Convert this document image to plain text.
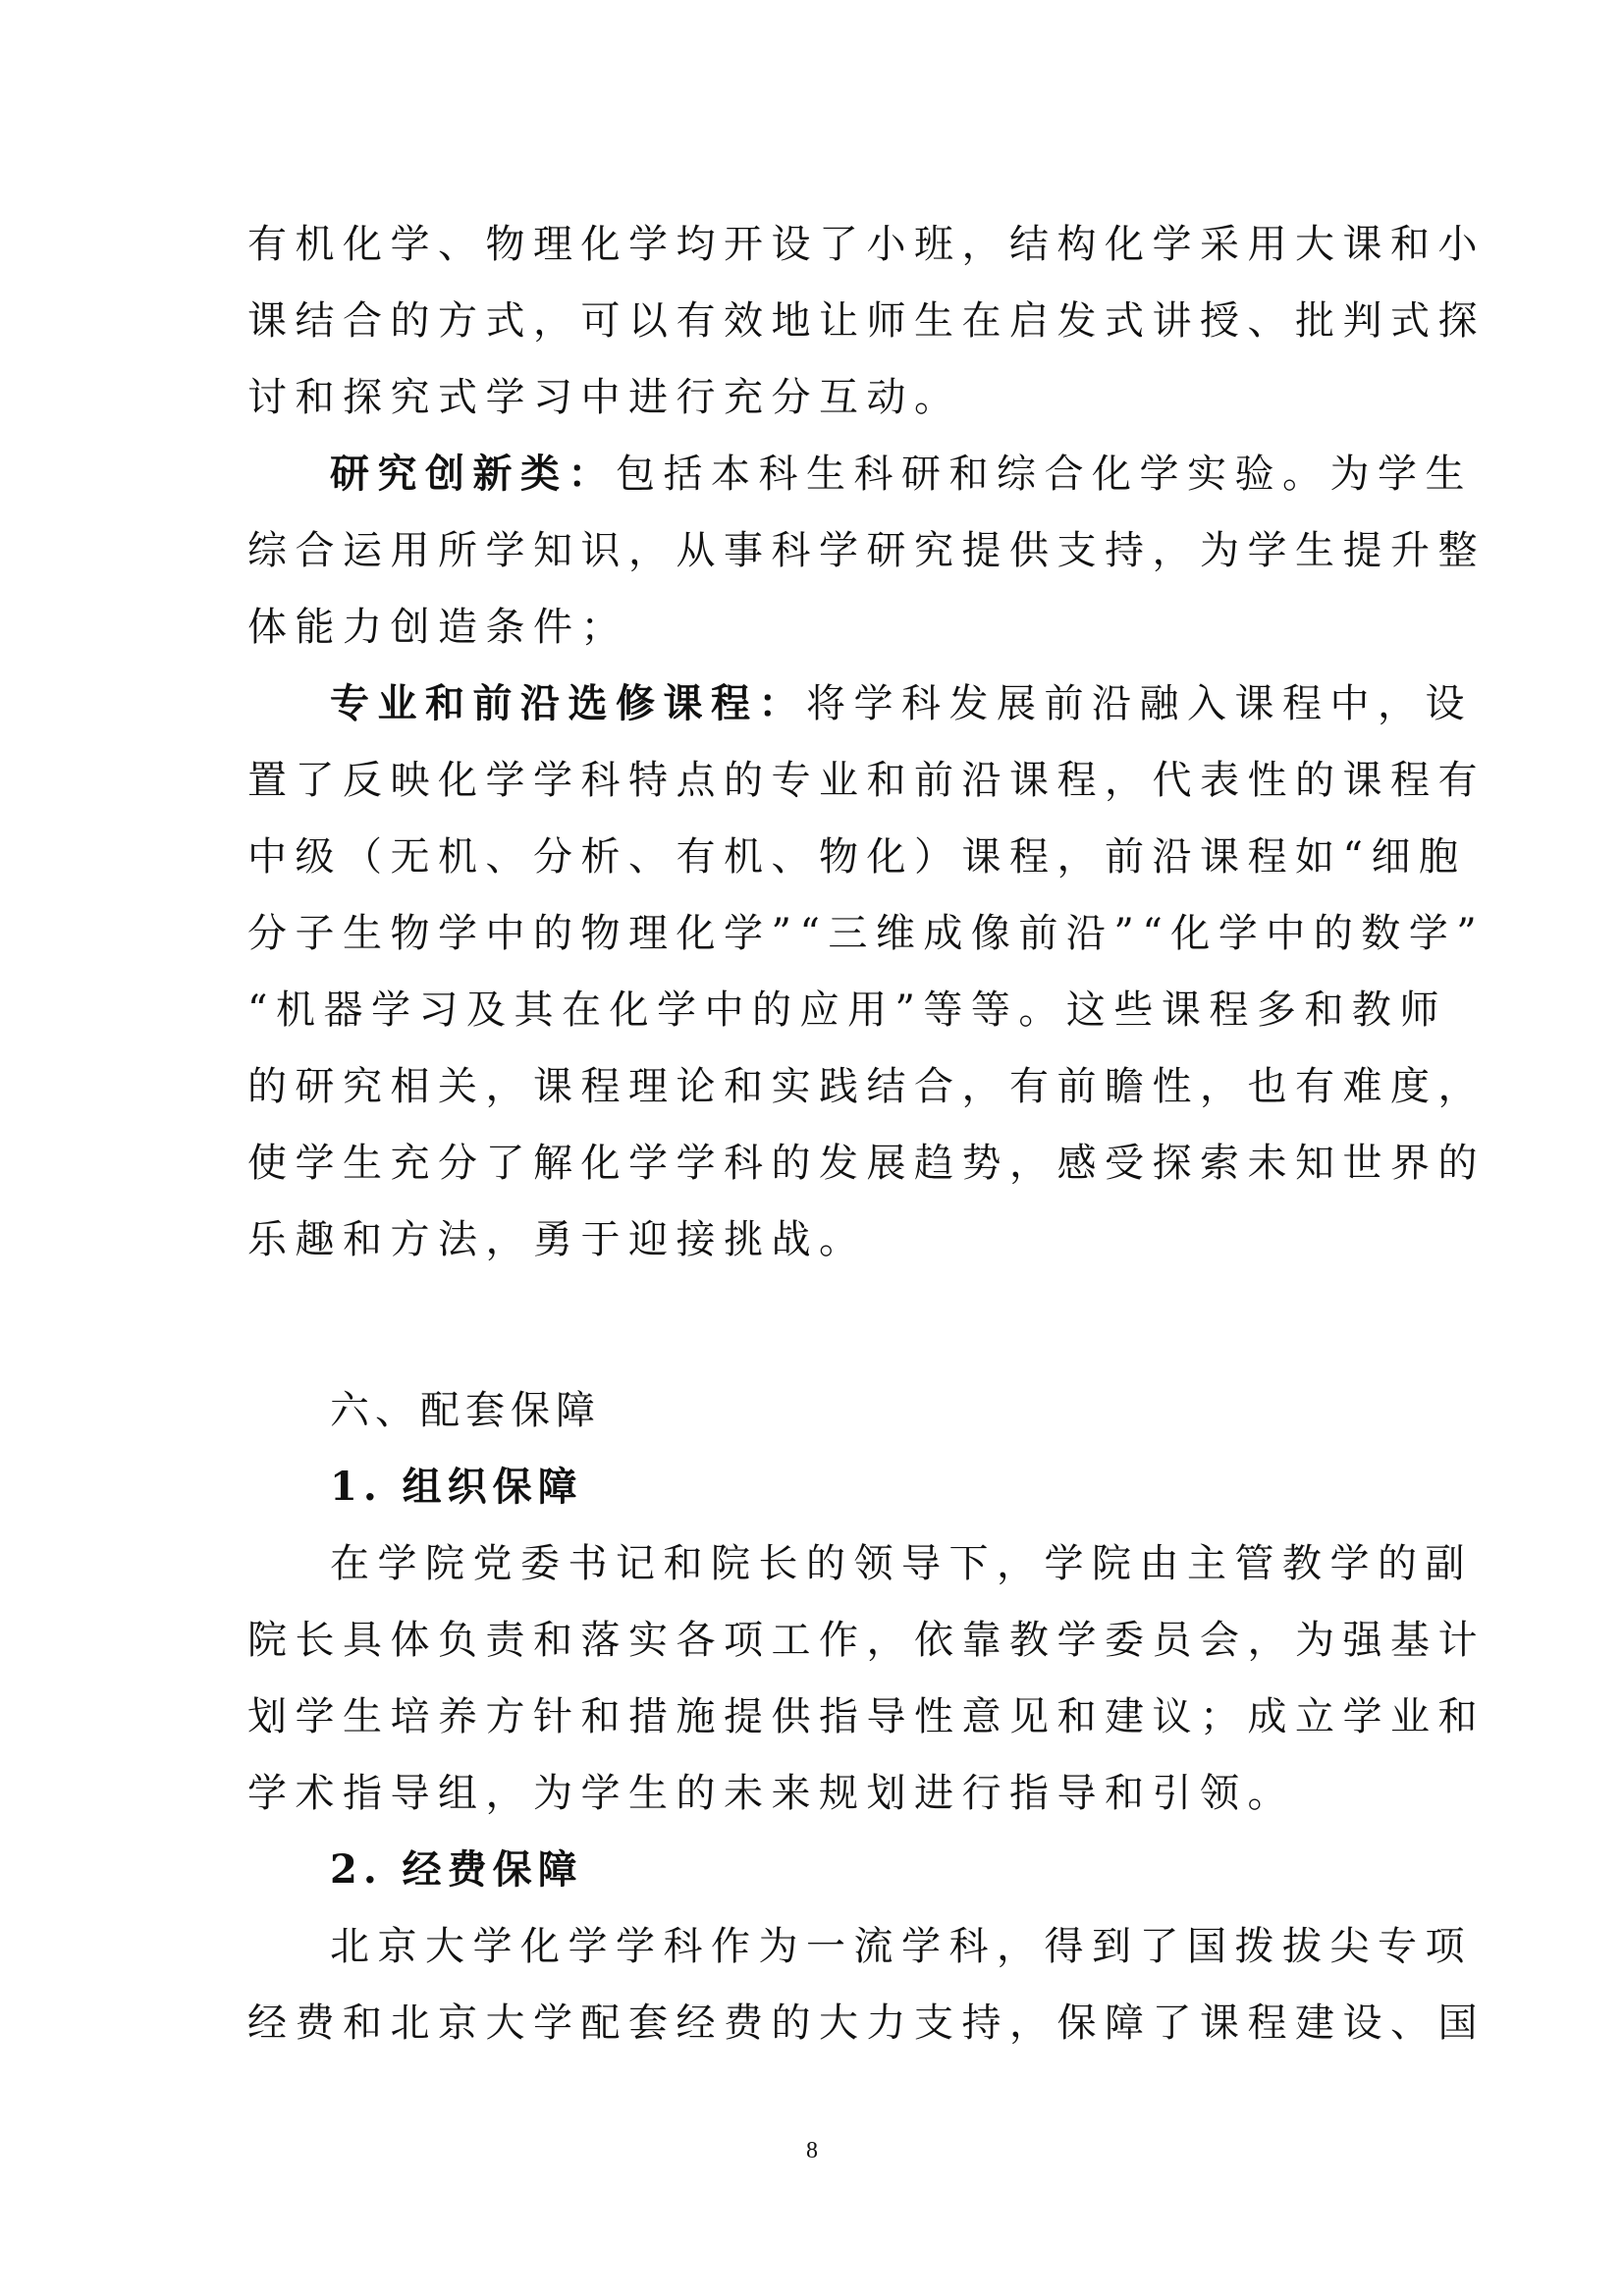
有机化学、物理化学均开设了小班，结构化学采用大课和小
课结合的方式，可以有效地让师生在启发式讲授、批判式探
讨和探究式学习中进行充分互动。
研究创新类：包括本科生科研和综合化学实验。为学生
综合运用所学知识，从事科学研究提供支持，为学生提升整
体能力创造条件；
专业和前沿选修课程：将学科发展前沿融入课程中，设
置了反映化学学科特点的专业和前沿课程，代表性的课程有
中级（无机、分析、有机、物化）课程，前沿课程如“细胞
分子生物学中的物理化学”“三维成像前沿”“化学中的数学”
“机器学习及其在化学中的应用”等等。这些课程多和教师
的研究相关，课程理论和实践结合，有前瞻性，也有难度，
使学生充分了解化学学科的发展趋势，感受探索未知世界的
乐趣和方法，勇于迎接挑战。
六、配套保障
1. 组织保障
在学院党委书记和院长的领导下，学院由主管教学的副
院长具体负责和落实各项工作，依靠教学委员会，为强基计
划学生培养方针和措施提供指导性意见和建议；成立学业和
学术指导组，为学生的未来规划进行指导和引领。
2. 经费保障
北京大学化学学科作为一流学科，得到了国拨拔尖专项
经费和北京大学配套经费的大力支持，保障了课程建设、国
8
